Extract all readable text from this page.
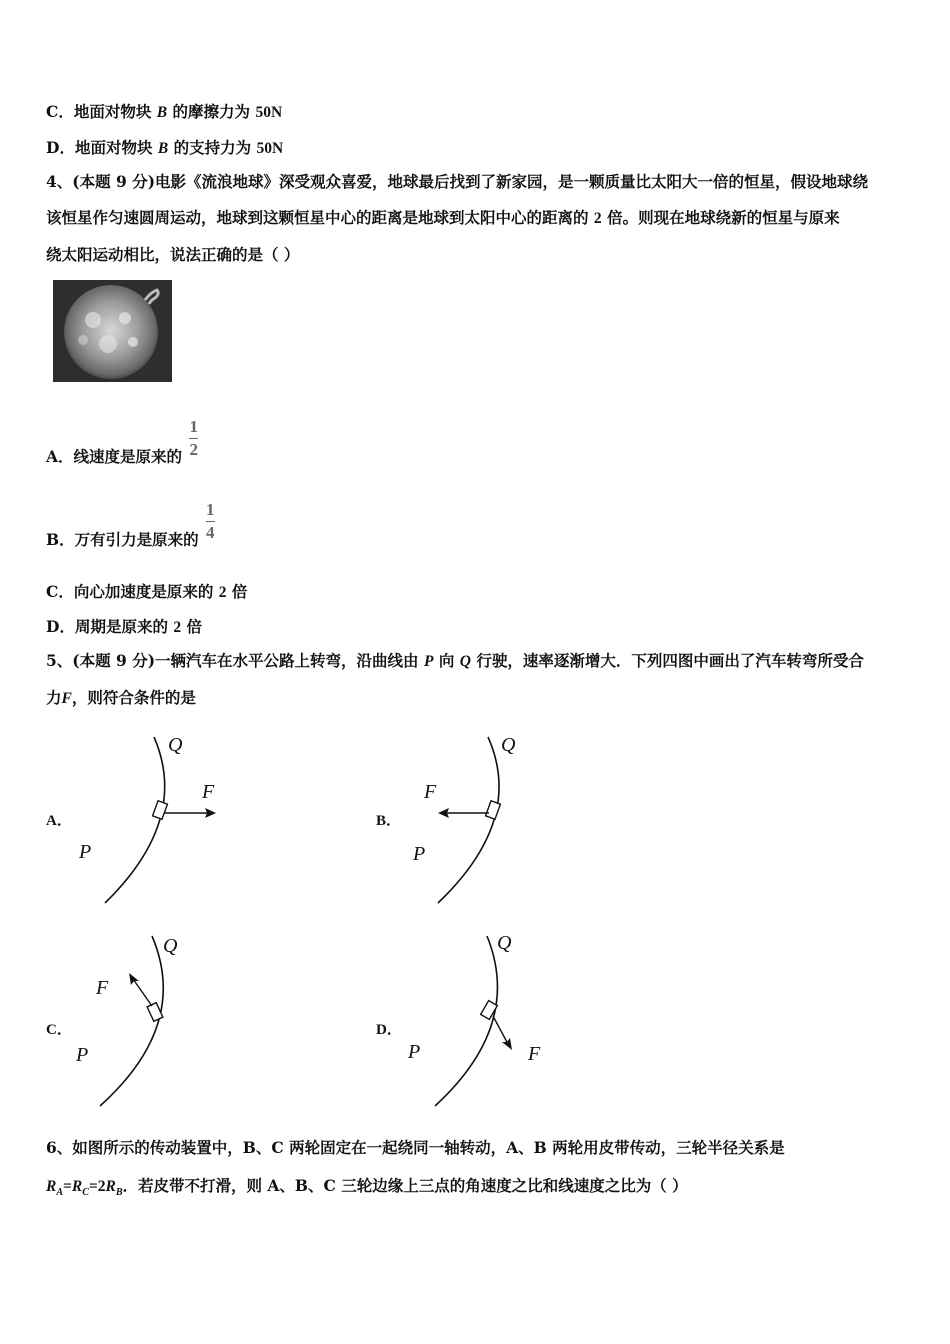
C．地面对物块 B 的摩擦力为 50N
D．地面对物块 B 的支持力为 50N
4、(本题 9 分)电影《流浪地球》深受观众喜爱，地球最后找到了新家园，是一颗质量比太阳大一倍的恒星，假设地球绕
该恒星作匀速圆周运动，地球到这颗恒星中心的距离是地球到太阳中心的距离的 2 倍。则现在地球绕新的恒星与原来
绕太阳运动相比，说法正确的是（ ）
A．线速度是原来的 $\frac{1}{2}$
B．万有引力是原来的 $\frac{1}{4}$
C．向心加速度是原来的 2 倍
D．周期是原来的 2 倍
5、(本题 9 分)一辆汽车在水平公路上转弯，沿曲线由 P 向 Q 行驶，速率逐渐增大．下列四图中画出了汽车转弯所受合
力F，则符合条件的是
A．
Q
F
P
B．
Q
F
P
C．
Q
F
P
D．
Q
F
P
6、如图所示的传动装置中，B、C 两轮固定在一起绕同一轴转动，A、B 两轮用皮带传动，三轮半径关系是
$R_A=R_C=2R_B$．若皮带不打滑，则 A、B、C 三轮边缘上三点的角速度之比和线速度之比为（ ）
